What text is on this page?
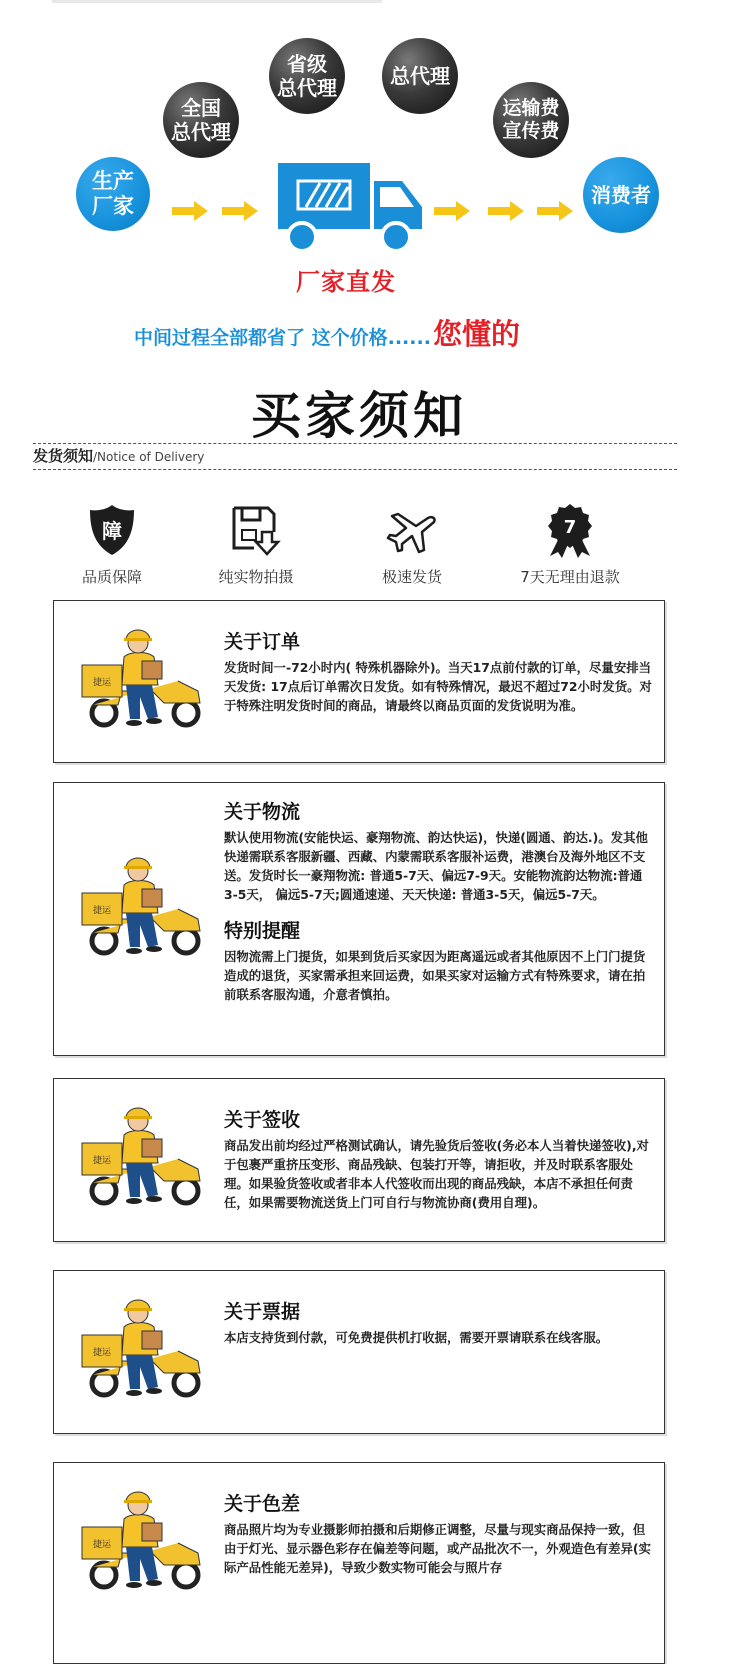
生产
厂家
全国
总代理
省级
总代理	总代理
运输费
宣传费
消费者
厂家直发
中间过程全部都省了 这个价格......您懂的
买家须知
发货须知/Notice of Delivery
障
品质保障	纯实物拍摄	极速发货
7
7天无理由退款
关于订单

发货时间一-72小时内( 特殊机器除外)。当天17点前付款的订单，尽量安排当天发货: 17点后订单需次日发货。如有特殊情况，最迟不超过72小时发货。对于特殊注明发货时间的商品，请最终以商品页面的发货说明为准。

关于物流

默认使用物流(安能快运、豪翔物流、韵达快运)，快递(圆通、韵达.)。发其他快递需联系客服新疆、西藏、内蒙需联系客服补运费，港澳台及海外地区不支送。发货时长一豪翔物流: 普通5-7天、偏远7-9天。安能物流韵达物流:普通3-5天， 偏远5-7天;圆通速递、天天快递: 普通3-5天，偏远5-7天。

特别提醒

因物流需上门提货，如果到货后买家因为距离遥远或者其他原因不上门门提货造成的退货，买家需承担来回运费，如果买家对运输方式有特殊要求，请在拍前联系客服沟通，介意者慎拍。

关于签收

商品发出前均经过严格测试确认，请先验货后签收(务必本人当着快递签收),对于包裹严重挤压变形、商品残缺、包装打开等，请拒收，并及时联系客服处理。如果验货签收或者非本人代签收而出现的商品残缺，本店不承担任何责任，如果需要物流送货上门可自行与物流协商(费用自理)。

关于票据

本店支持货到付款，可免费提供机打收据，需要开票请联系在线客服。

关于色差

商品照片均为专业摄影师拍摄和后期修正调整，尽量与现实商品保持一致，但由于灯光、显示器色彩存在偏差等问题，或产品批次不一，外观造色有差异(实际产品性能无差异)，导致少数实物可能会与照片存
